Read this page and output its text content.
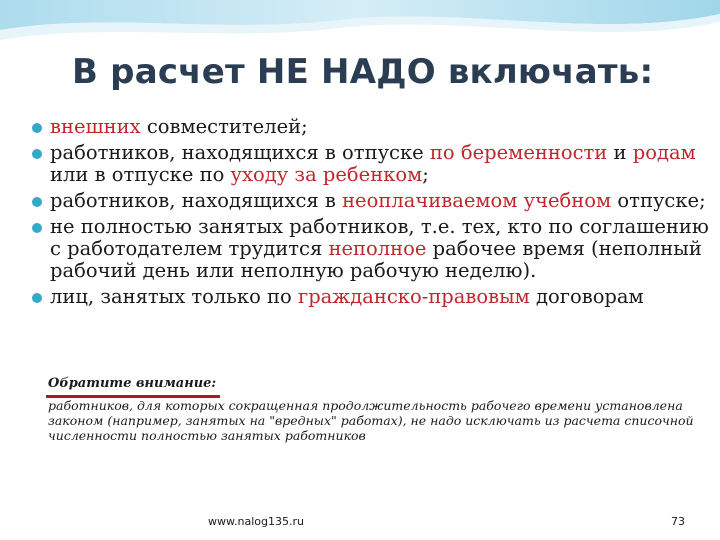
В расчет НЕ НАДО включать:
внешних совместителей;
работников, находящихся в отпуске по беременности и родам или в отпуске по уходу за ребенком;
работников, находящихся в неоплачиваемом учебном отпуске;
не полностью занятых работников, т.е. тех, кто по соглашению с работодателем трудится неполное рабочее время (неполный рабочий день или неполную рабочую неделю).
лиц, занятых только по гражданско-правовым договорам
Обратите внимание:
работников, для которых сокращенная продолжительность рабочего времени установлена законом (например, занятых на "вредных" работах), не надо исключать из расчета списочной численности полностью занятых работников
www.nalog135.ru	73
